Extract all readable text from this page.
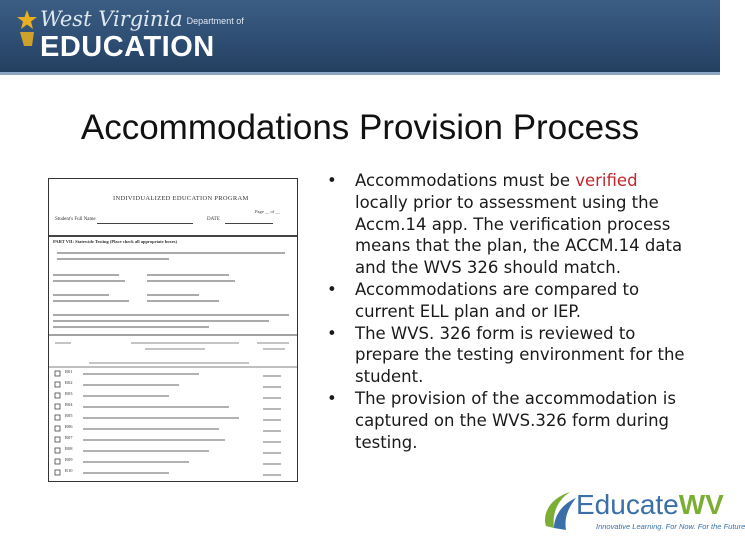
West Virginia Department of
EDUCATION
Accommodations Provision Process
INDIVIDUALIZED EDUCATION PROGRAM
Page __ of __
Student's Full Name	DATE
PART VII: Statewide Testing (Place check all appropriate boxes)
R01
R02
R03
R04
R05
R06
R07
R08
R09
R10
• Accommodations must be verified locally prior to assessment using the Accm.14 app. The verification process means that the plan, the ACCM.14 data and the WVS 326 should match.
• Accommodations are compared to current ELL plan and or IEP.
• The WVS. 326 form is reviewed to prepare the testing environment for the student.
• The provision of the accommodation is captured on the WVS.326 form during testing.
EducateWV
Innovative Learning. For Now. For the Future
